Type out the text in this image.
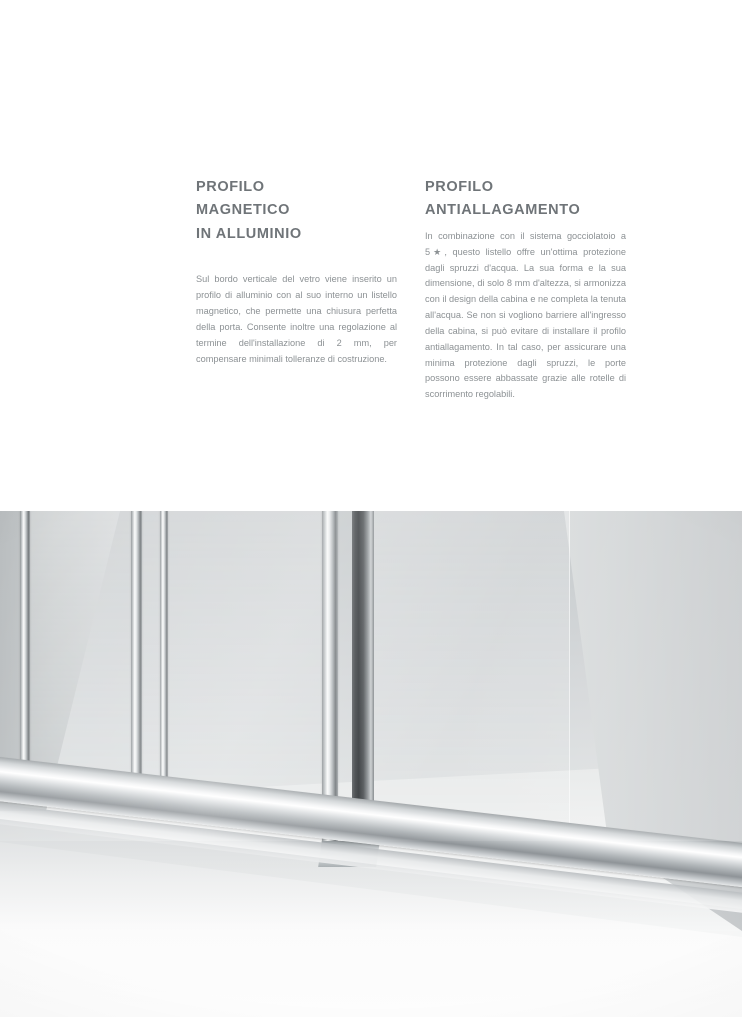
PROFILO
MAGNETICO
IN ALLUMINIO

Sul bordo verticale del vetro viene inserito un profilo di alluminio con al suo interno un listello magnetico, che permette una chiusura perfetta della porta. Consente inoltre una regolazione al termine dell'installazione di 2 mm, per compensare minimali tolleranze di costruzione.

PROFILO
ANTIALLAGAMENTO

In combinazione con il sistema gocciolatoio a 5★, questo listello offre un'ottima protezione dagli spruzzi d'acqua. La sua forma e la sua dimensione, di solo 8 mm d'altezza, si armonizza con il design della cabina e ne completa la tenuta all'acqua. Se non si vogliono barriere all'ingresso della cabina, si può evitare di installare il profilo antiallagamento. In tal caso, per assicurare una minima protezione dagli spruzzi, le porte possono essere abbassate grazie alle rotelle di scorrimento regolabili.
